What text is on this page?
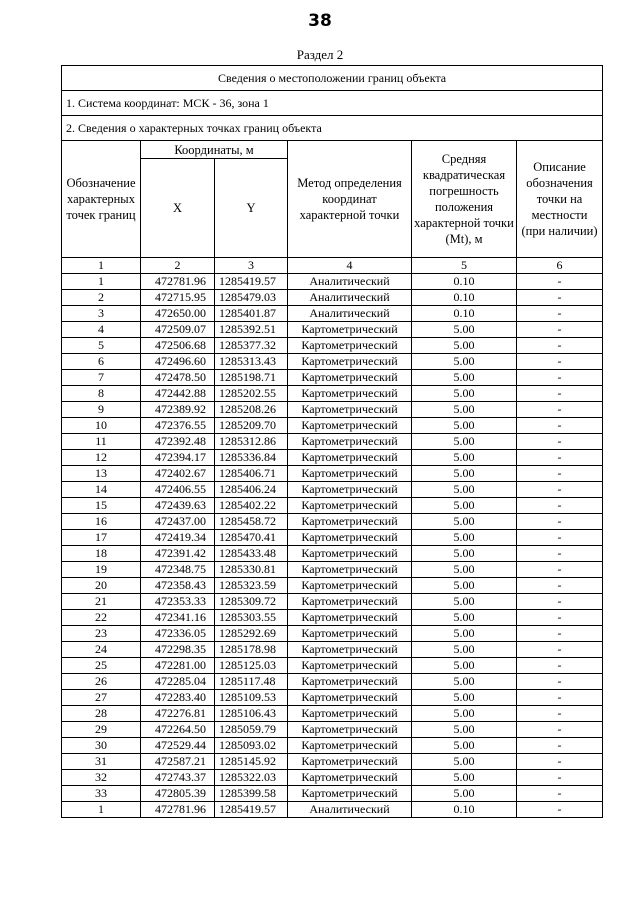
38
Раздел 2
Сведения о местоположении границ объекта					
1. Система координат: МСК - 36, зона 1					
2. Сведения о характерных точках границ объекта					
Обозначение характерных точек границ	Координаты, м		Метод определения координат характерной точки	Средняя квадратическая погрешность положения характерной точки (Mt), м	Описание обозначения точки на местности (при наличии)
	X	Y			
1	2	3	4	5	6
1	472781.96	1285419.57	Аналитический	0.10	-
2	472715.95	1285479.03	Аналитический	0.10	-
3	472650.00	1285401.87	Аналитический	0.10	-
4	472509.07	1285392.51	Картометрический	5.00	-
5	472506.68	1285377.32	Картометрический	5.00	-
6	472496.60	1285313.43	Картометрический	5.00	-
7	472478.50	1285198.71	Картометрический	5.00	-
8	472442.88	1285202.55	Картометрический	5.00	-
9	472389.92	1285208.26	Картометрический	5.00	-
10	472376.55	1285209.70	Картометрический	5.00	-
11	472392.48	1285312.86	Картометрический	5.00	-
12	472394.17	1285336.84	Картометрический	5.00	-
13	472402.67	1285406.71	Картометрический	5.00	-
14	472406.55	1285406.24	Картометрический	5.00	-
15	472439.63	1285402.22	Картометрический	5.00	-
16	472437.00	1285458.72	Картометрический	5.00	-
17	472419.34	1285470.41	Картометрический	5.00	-
18	472391.42	1285433.48	Картометрический	5.00	-
19	472348.75	1285330.81	Картометрический	5.00	-
20	472358.43	1285323.59	Картометрический	5.00	-
21	472353.33	1285309.72	Картометрический	5.00	-
22	472341.16	1285303.55	Картометрический	5.00	-
23	472336.05	1285292.69	Картометрический	5.00	-
24	472298.35	1285178.98	Картометрический	5.00	-
25	472281.00	1285125.03	Картометрический	5.00	-
26	472285.04	1285117.48	Картометрический	5.00	-
27	472283.40	1285109.53	Картометрический	5.00	-
28	472276.81	1285106.43	Картометрический	5.00	-
29	472264.50	1285059.79	Картометрический	5.00	-
30	472529.44	1285093.02	Картометрический	5.00	-
31	472587.21	1285145.92	Картометрический	5.00	-
32	472743.37	1285322.03	Картометрический	5.00	-
33	472805.39	1285399.58	Картометрический	5.00	-
1	472781.96	1285419.57	Аналитический	0.10	-
